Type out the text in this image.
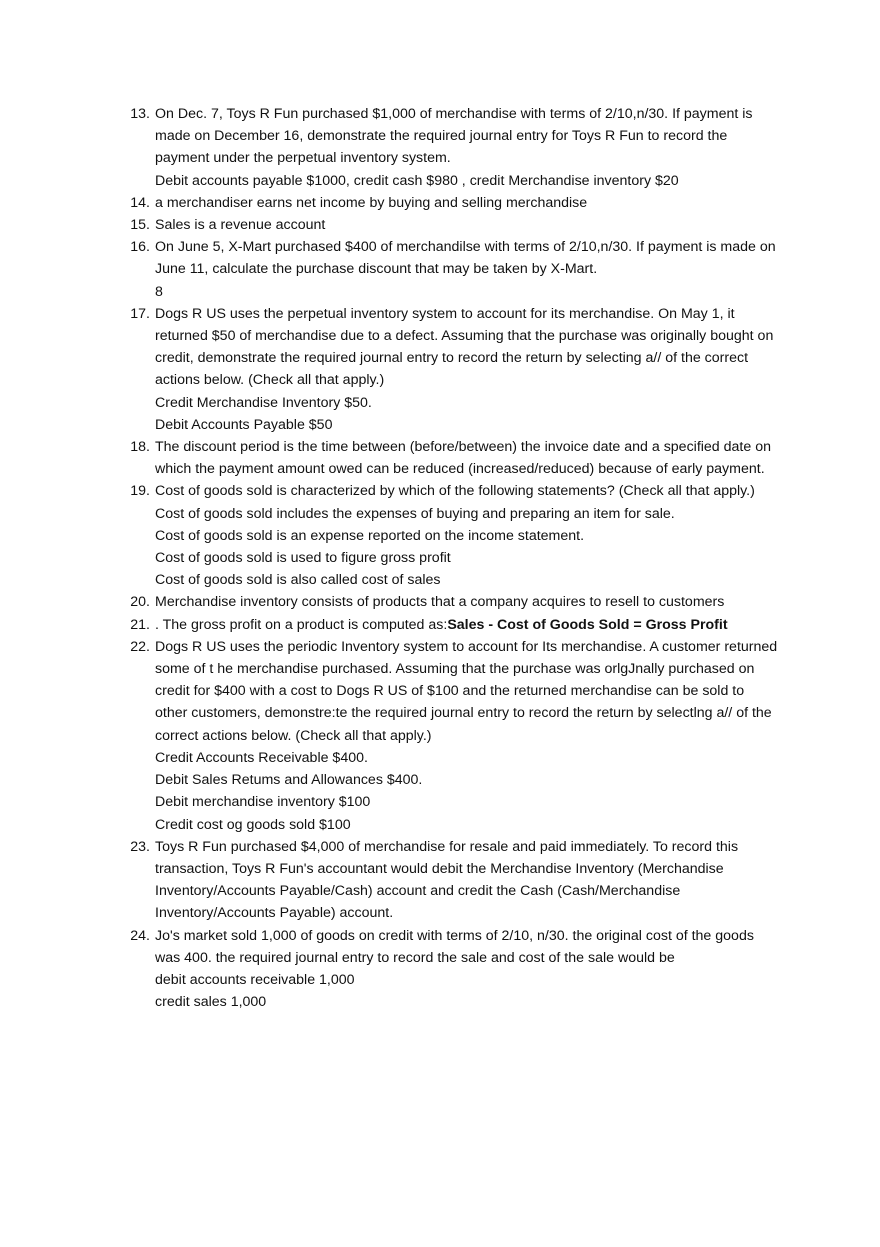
13. On Dec. 7, Toys R Fun purchased $1,000 of merchandise with terms of 2/10,n/30. If payment is made on December 16, demonstrate the required journal entry for Toys R Fun to record the payment under the perpetual inventory system.
Debit accounts payable $1000, credit cash $980 , credit Merchandise inventory $20
14. a merchandiser earns net income by buying and selling merchandise
15. Sales is a revenue account
16. On June 5, X-Mart purchased $400 of merchandilse with terms of 2/10,n/30. If payment is made on June 11, calculate the purchase discount that may be taken by X-Mart.
8
17. Dogs R US uses the perpetual inventory system to account for its merchandise. On May 1, it returned $50 of merchandise due to a defect. Assuming that the purchase was originally bought on credit, demonstrate the required journal entry to record the return by selecting a// of the correct actions below. (Check all that apply.)
Credit Merchandise Inventory $50.
Debit Accounts Payable $50
18. The discount period is the time between (before/between) the invoice date and a specified date on which the payment amount owed can be reduced (increased/reduced) because of early payment.
19. Cost of goods sold is characterized by which of the following statements? (Check all that apply.)
Cost of goods sold includes the expenses of buying and preparing an item for sale.
Cost of goods sold is an expense reported on the income statement.
Cost of goods sold is used to figure gross profit
Cost of goods sold is also called cost of sales
20. Merchandise inventory consists of products that a company acquires to resell to customers
21. . The gross profit on a product is computed as:Sales - Cost of Goods Sold = Gross Profit
22. Dogs R US uses the periodic Inventory system to account for Its merchandise. A customer returned some of t he merchandise purchased. Assuming that the purchase was orlgJnally purchased on credit for $400 with a cost to Dogs R US of $100 and the returned merchandise can be sold to other customers, demonstre:te the required journal entry to record the return by selectlng a// of the correct actions below. (Check all that apply.)
Credit Accounts Receivable $400.
Debit Sales Retums and Allowances $400.
Debit merchandise inventory $100
Credit cost og goods sold $100
23. Toys R Fun purchased $4,000 of merchandise for resale and paid immediately. To record this transaction, Toys R Fun's accountant would debit the Merchandise Inventory (Merchandise Inventory/Accounts Payable/Cash) account and credit the Cash (Cash/Merchandise Inventory/Accounts Payable) account.
24. Jo's market sold 1,000 of goods on credit with terms of 2/10, n/30. the original cost of the goods was 400. the required journal entry to record the sale and cost of the sale would be
debit accounts receivable 1,000
credit sales 1,000
